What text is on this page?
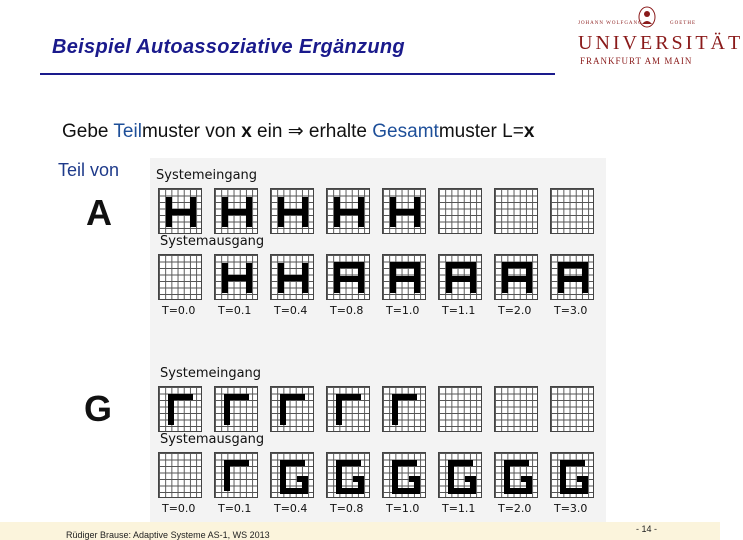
Beispiel Autoassoziative Ergänzung
JOHANN WOLFGANG	GOETHE
UNIVERSITÄT
FRANKFURT AM MAIN
Gebe Teilmuster von x ein ⇒ erhalte Gesamtmuster L=x
Teil von
A
G
Systemeingang
Systemausgang
T=0.0 T=0.1 T=0.4 T=0.8 T=1.0 T=1.1 T=2.0 T=3.0
Systemeingang
Systemausgang
T=0.0 T=0.1 T=0.4 T=0.8 T=1.0 T=1.1 T=2.0 T=3.0
Rüdiger Brause: Adaptive Systeme AS-1, WS 2013
- 14 -
